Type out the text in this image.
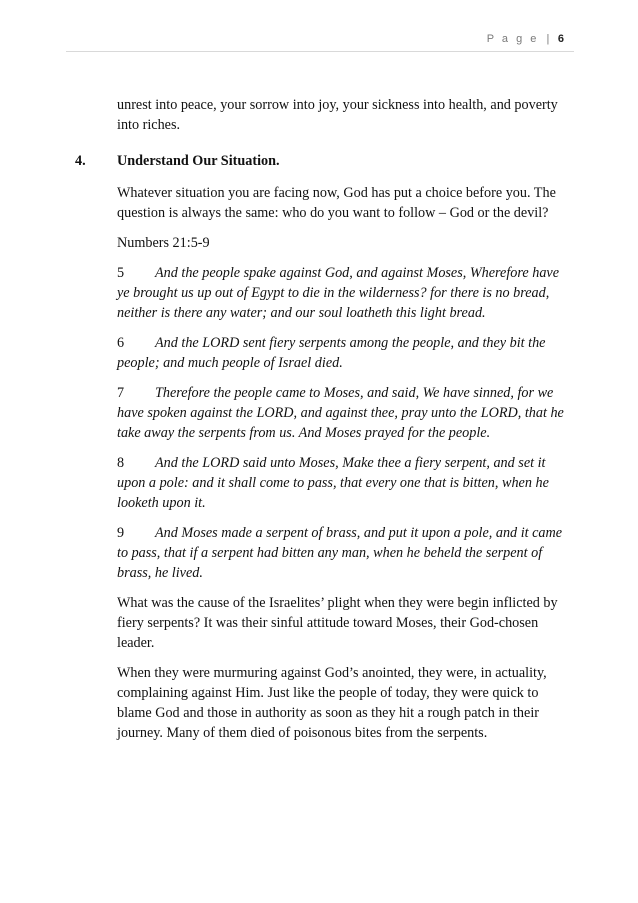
P a g e | 6

unrest into peace, your sorrow into joy, your sickness into health, and poverty into riches.

4. Understand Our Situation.

Whatever situation you are facing now, God has put a choice before you. The question is always the same: who do you want to follow – God or the devil?

Numbers 21:5-9

5 And the people spake against God, and against Moses, Wherefore have ye brought us up out of Egypt to die in the wilderness? for there is no bread, neither is there any water; and our soul loatheth this light bread.

6 And the LORD sent fiery serpents among the people, and they bit the people; and much people of Israel died.

7 Therefore the people came to Moses, and said, We have sinned, for we have spoken against the LORD, and against thee, pray unto the LORD, that he take away the serpents from us. And Moses prayed for the people.

8 And the LORD said unto Moses, Make thee a fiery serpent, and set it upon a pole: and it shall come to pass, that every one that is bitten, when he looketh upon it.

9 And Moses made a serpent of brass, and put it upon a pole, and it came to pass, that if a serpent had bitten any man, when he beheld the serpent of brass, he lived.

What was the cause of the Israelites’ plight when they were begin inflicted by fiery serpents? It was their sinful attitude toward Moses, their God-chosen leader.

When they were murmuring against God’s anointed, they were, in actuality, complaining against Him. Just like the people of today, they were quick to blame God and those in authority as soon as they hit a rough patch in their journey. Many of them died of poisonous bites from the serpents.
